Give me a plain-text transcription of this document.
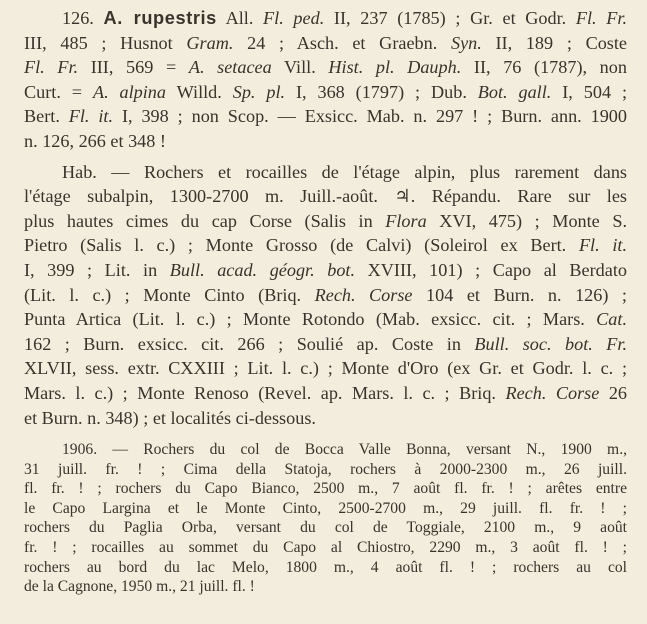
126. A. rupestris All. Fl. ped. II, 237 (1785) ; Gr. et Godr. Fl. Fr.
III, 485 ; Husnot Gram. 24 ; Asch. et Graebn. Syn. II, 189 ; Coste
Fl. Fr. III, 569 = A. setacea Vill. Hist. pl. Dauph. II, 76 (1787), non
Curt. = A. alpina Willd. Sp. pl. I, 368 (1797) ; Dub. Bot. gall. I, 504 ;
Bert. Fl. it. I, 398 ; non Scop. — Exsicc. Mab. n. 297 ! ; Burn. ann. 1900
n. 126, 266 et 348 !
Hab. — Rochers et rocailles de l'étage alpin, plus rarement dans
l'étage subalpin, 1300-2700 m. Juill.-août. ♃. Répandu. Rare sur les
plus hautes cimes du cap Corse (Salis in Flora XVI, 475) ; Monte S.
Pietro (Salis l. c.) ; Monte Grosso (de Calvi) (Soleirol ex Bert. Fl. it.
I, 399 ; Lit. in Bull. acad. géogr. bot. XVIII, 101) ; Capo al Berdato
(Lit. l. c.) ; Monte Cinto (Briq. Rech. Corse 104 et Burn. n. 126) ;
Punta Artica (Lit. l. c.) ; Monte Rotondo (Mab. exsicc. cit. ; Mars. Cat.
162 ; Burn. exsicc. cit. 266 ; Soulié ap. Coste in Bull. soc. bot. Fr.
XLVII, sess. extr. CXXIII ; Lit. l. c.) ; Monte d'Oro (ex Gr. et Godr. l. c. ;
Mars. l. c.) ; Monte Renoso (Revel. ap. Mars. l. c. ; Briq. Rech. Corse 26
et Burn. n. 348) ; et localités ci-dessous.
1906. — Rochers du col de Bocca Valle Bonna, versant N., 1900 m.,
31 juill. fr. ! ; Cima della Statoja, rochers à 2000-2300 m., 26 juill.
fl. fr. ! ; rochers du Capo Bianco, 2500 m., 7 août fl. fr. ! ; arêtes entre
le Capo Largina et le Monte Cinto, 2500-2700 m., 29 juill. fl. fr. ! ;
rochers du Paglia Orba, versant du col de Toggiale, 2100 m., 9 août
fr. ! ; rocailles au sommet du Capo al Chiostro, 2290 m., 3 août fl. ! ;
rochers au bord du lac Melo, 1800 m., 4 août fl. ! ; rochers au col
de la Cagnone, 1950 m., 21 juill. fl. !
